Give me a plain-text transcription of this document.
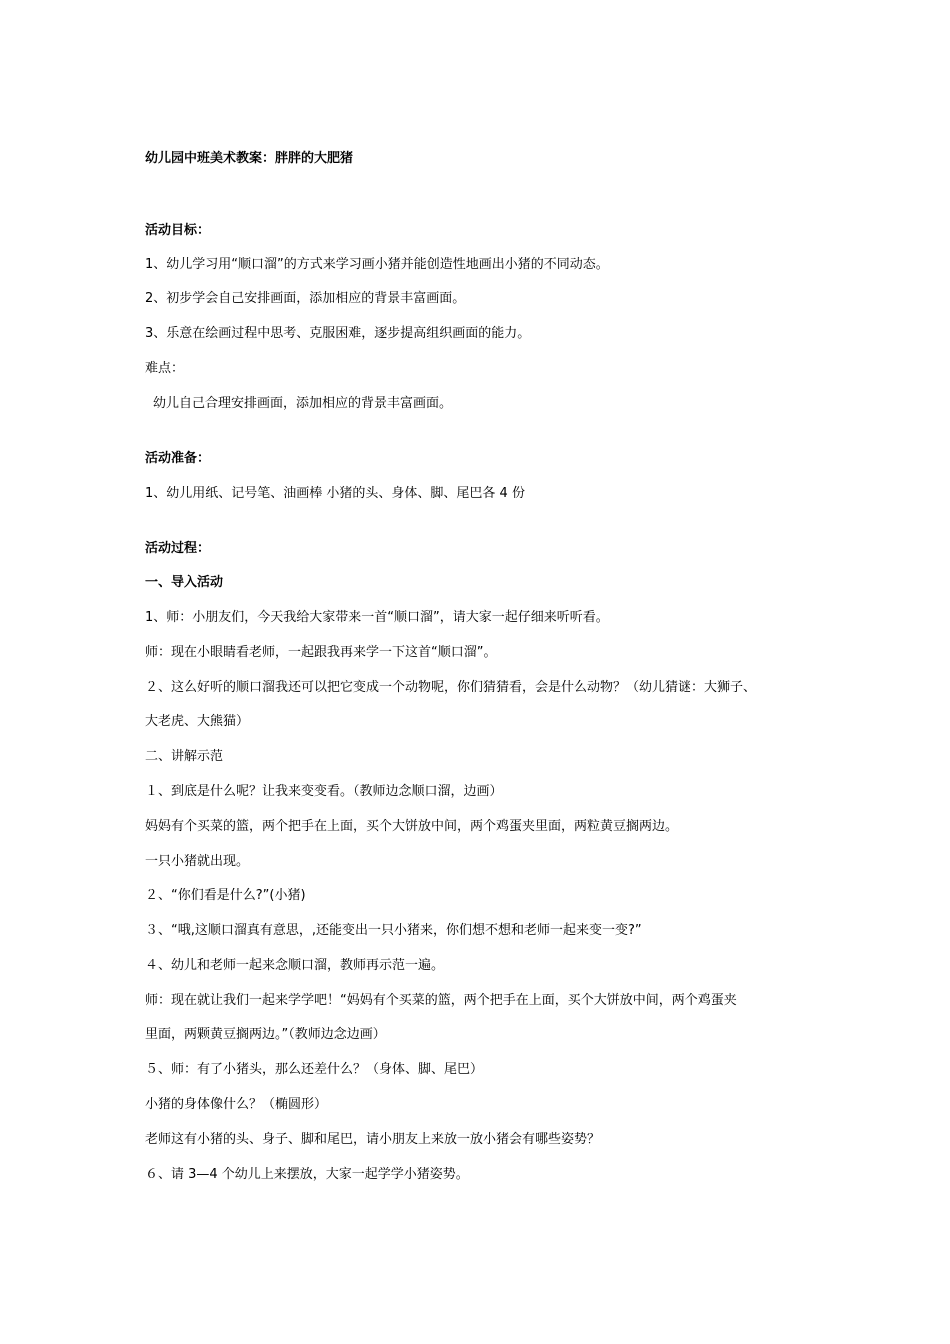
幼儿园中班美术教案：胖胖的大肥猪
活动目标：
1、幼儿学习用“顺口溜”的方式来学习画小猪并能创造性地画出小猪的不同动态。
2、初步学会自己安排画面，添加相应的背景丰富画面。
3、乐意在绘画过程中思考、克服困难，逐步提高组织画面的能力。
难点：
幼儿自己合理安排画面，添加相应的背景丰富画面。
活动准备：
1、幼儿用纸、记号笔、油画棒 小猪的头、身体、脚、尾巴各 4 份
活动过程：
一、导入活动
1、师：小朋友们，今天我给大家带来一首“顺口溜”，请大家一起仔细来听听看。
师：现在小眼睛看老师，一起跟我再来学一下这首“顺口溜”。
２、这么好听的顺口溜我还可以把它变成一个动物呢，你们猜猜看，会是什么动物？（幼儿猜谜：大狮子、
大老虎、大熊猫）
二、讲解示范
１、到底是什么呢？让我来变变看。（教师边念顺口溜，边画）
妈妈有个买菜的篮，两个把手在上面，买个大饼放中间，两个鸡蛋夹里面，两粒黄豆搁两边。
一只小猪就出现。
２、“你们看是什么?”(小猪)
３、“哦,这顺口溜真有意思，,还能变出一只小猪来，你们想不想和老师一起来变一变?”
４、幼儿和老师一起来念顺口溜，教师再示范一遍。
师：现在就让我们一起来学学吧！“妈妈有个买菜的篮，两个把手在上面，买个大饼放中间，两个鸡蛋夹
里面，两颗黄豆搁两边。”（教师边念边画）
５、师：有了小猪头，那么还差什么？（身体、脚、尾巴）
小猪的身体像什么？（椭圆形）
老师这有小猪的头、身子、脚和尾巴，请小朋友上来放一放小猪会有哪些姿势？
６、请 3—4 个幼儿上来摆放，大家一起学学小猪姿势。
